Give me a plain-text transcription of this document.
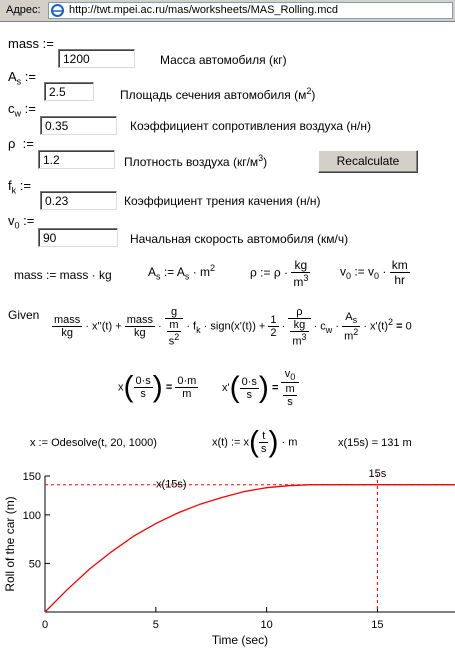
Адрес:	http://twt.mpei.ac.ru/mas/worksheets/MAS_Rolling.mcd
mass :=
1200	Масса автомобиля (кг)
$A_s$ :=
2.5	Площадь сечения автомобиля $(м^2)$
$c_w$ :=
0.35	Коэффициент сопротивления воздуха (н/н)
ρ  :=
1.2	Плотность воздуха $(кг/м^3)$	Recalculate
$f_k$ :=
0.23	Коэффициент трения качения (н/н)
$v_0$ :=
90	Начальная скорость автомобиля (км/ч)
mass := mass · kg	$A_s$ := $A_s \cdot m^2$	ρ := $\rho \cdot \frac{kg}{m^3} v_0$ := $v_0 \cdot \frac{km}{hr}$
Given $\frac{\text{mass}}{kg} \cdot x''(t) + \frac{\text{mass}}{kg} \cdot \frac{g}{\frac{m}{s^2}} \cdot f_k$ · sign(x'(t)) + $\frac{1}{2} \cdot \frac{\rho}{\frac{kg}{m^3}} \cdot c_w \cdot \frac{A_s}{m^2} \cdot x'(t)^2 = 0$
$x( \frac{0\cdot s}{s}$ ) = $\frac{0\cdot m}{m} x'( \frac{0\cdot s}{s}$ ) = $\frac{v_0}{\frac{m}{s}}$
x := Odesolve(t, 20, 1000)	x(t) := $x( \frac{t}{s}$ ) · m	x(15s) = 131 m
0	5	10	15
50
100
150	15s
x(15s)
Time (sec)
Roll of the car (m)
